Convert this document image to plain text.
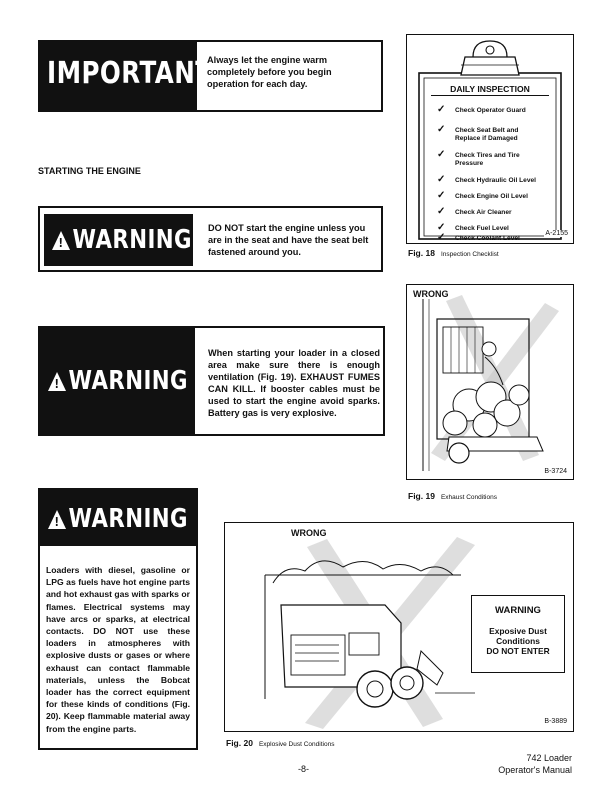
IMPORTANT
Always let the engine warm completely before you begin operation for each day.
STARTING THE ENGINE
!WARNING DO NOT start the engine unless you are in the seat and have the seat belt fastened around you.
!WARNING
When starting your loader in a closed area make sure there is enough ventilation (Fig. 19). EXHAUST FUMES CAN KILL. If booster cables must be used to start the engine avoid sparks. Battery gas is very explosive.
!WARNING
Loaders with diesel, gasoline or LPG as fuels have hot engine parts and hot exhaust gas with sparks or flames. Electrical systems may have arcs or sparks, at electrical contacts. DO NOT use these loaders in atmospheres with explosive dusts or gases or where exhaust can contact flammable materials, unless the Bobcat loader has the correct equipment for these kinds of conditions (Fig. 20). Keep flammable material away from the engine parts.
DAILY INSPECTION
✓ Check Operator Guard
✓ Check Seat Belt and Replace if Damaged
✓ Check Tires and Tire Pressure
✓ Check Hydraulic Oil Level
✓ Check Engine Oil Level
✓ Check Air Cleaner
✓ Check Fuel Level
✓ Check Coolant Level
A-2155
Fig. 18 Inspection Checklist
WRONG
B-3724
Fig. 19 Exhaust Conditions
WRONG
WARNING
Exposive Dust
Conditions
DO NOT ENTER
B-3889
Fig. 20 Explosive Dust Conditions
-8-
742 Loader
Operator's Manual
